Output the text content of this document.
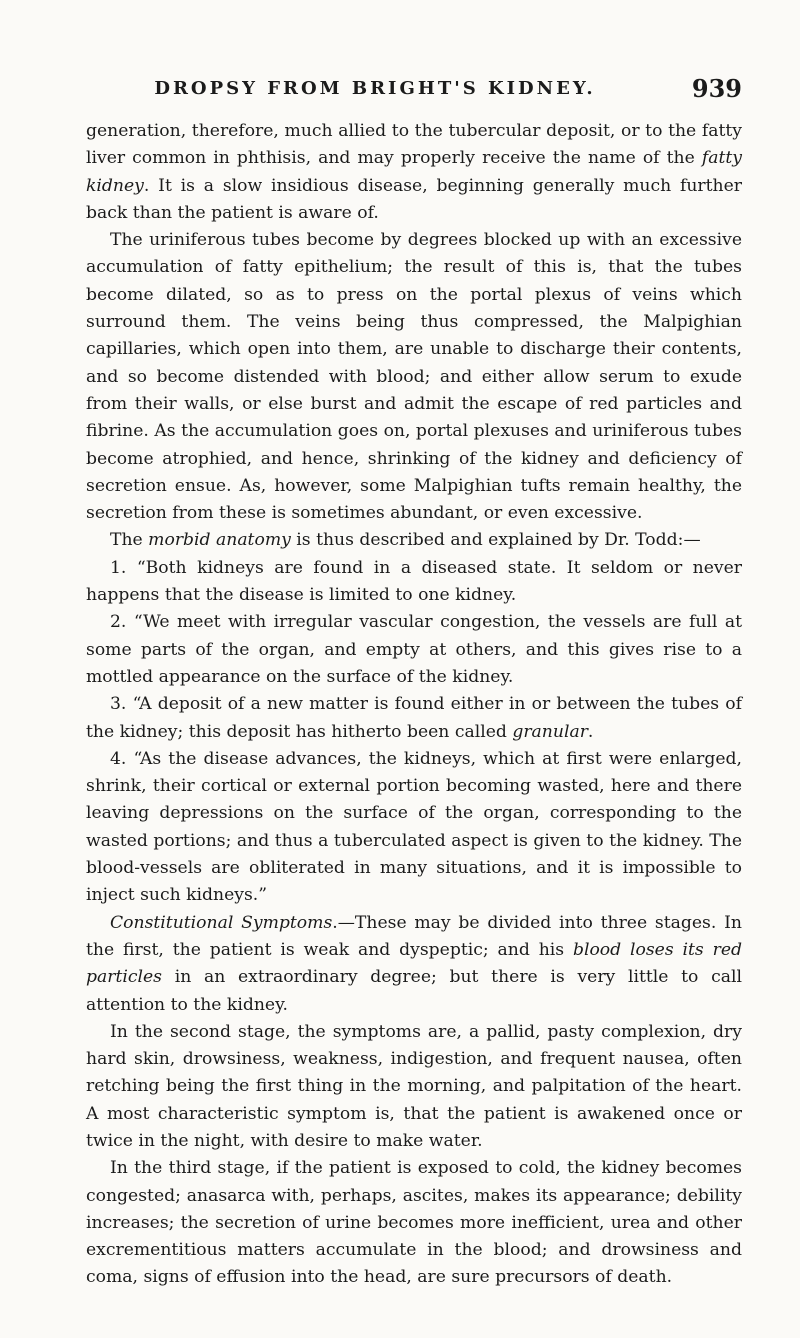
DROPSY FROM BRIGHT'S KIDNEY.	939

generation, therefore, much allied to the tubercular deposit, or to the fatty liver common in phthisis, and may properly receive the name of the fatty kidney. It is a slow insidious disease, beginning generally much further back than the patient is aware of.

The uriniferous tubes become by degrees blocked up with an excessive accumulation of fatty epithelium; the result of this is, that the tubes become dilated, so as to press on the portal plexus of veins which surround them. The veins being thus compressed, the Malpighian capillaries, which open into them, are unable to discharge their contents, and so become distended with blood; and either allow serum to exude from their walls, or else burst and admit the escape of red particles and fibrine. As the accumulation goes on, portal plexuses and uriniferous tubes become atrophied, and hence, shrinking of the kidney and deficiency of secretion ensue. As, however, some Malpighian tufts remain healthy, the secretion from these is sometimes abundant, or even excessive.

The morbid anatomy is thus described and explained by Dr. Todd:—

1. “Both kidneys are found in a diseased state. It seldom or never happens that the disease is limited to one kidney.

2. “We meet with irregular vascular congestion, the vessels are full at some parts of the organ, and empty at others, and this gives rise to a mottled appearance on the surface of the kidney.

3. “A deposit of a new matter is found either in or between the tubes of the kidney; this deposit has hitherto been called granular.

4. “As the disease advances, the kidneys, which at first were enlarged, shrink, their cortical or external portion becoming wasted, here and there leaving depressions on the surface of the organ, corresponding to the wasted portions; and thus a tuberculated aspect is given to the kidney. The blood-vessels are obliterated in many situations, and it is impossible to inject such kidneys.”

Constitutional Symptoms.—These may be divided into three stages. In the first, the patient is weak and dyspeptic; and his blood loses its red particles in an extraordinary degree; but there is very little to call attention to the kidney.

In the second stage, the symptoms are, a pallid, pasty complexion, dry hard skin, drowsiness, weakness, indigestion, and frequent nausea, often retching being the first thing in the morning, and palpitation of the heart. A most characteristic symptom is, that the patient is awakened once or twice in the night, with desire to make water.

In the third stage, if the patient is exposed to cold, the kidney becomes congested; anasarca with, perhaps, ascites, makes its appearance; debility increases; the secretion of urine becomes more inefficient, urea and other excrementitious matters accumulate in the blood; and drowsiness and coma, signs of effusion into the head, are sure precursors of death.
